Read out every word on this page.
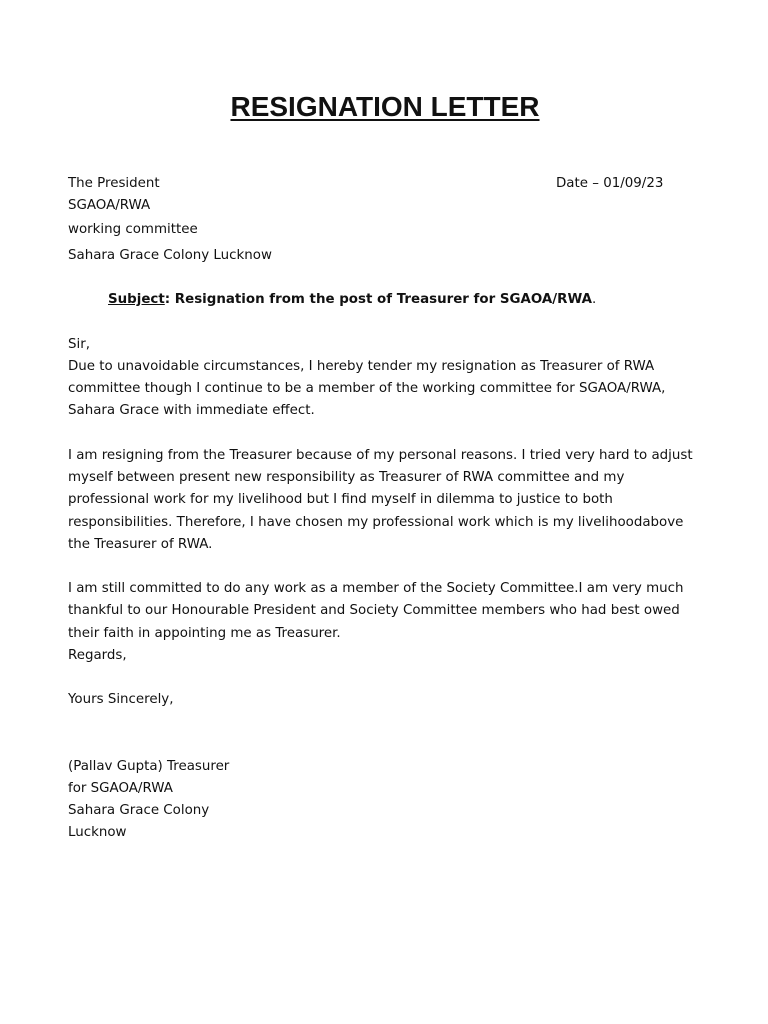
RESIGNATION LETTER
The President	Date – 01/09/23
SGAOA/RWA
working committee
Sahara Grace Colony Lucknow
Subject: Resignation from the post of Treasurer for SGAOA/RWA.
Sir,
Due to unavoidable circumstances, I hereby tender my resignation as Treasurer of RWA
committee though I continue to be a member of the working committee for SGAOA/RWA,
Sahara Grace with immediate effect.
I am resigning from the Treasurer because of my personal reasons. I tried very hard to adjust
myself between present new responsibility as Treasurer of RWA committee and my
professional work for my livelihood but I find myself in dilemma to justice to both
responsibilities. Therefore, I have chosen my professional work which is my livelihoodabove
the Treasurer of RWA.
I am still committed to do any work as a member of the Society Committee.I am very much
thankful to our Honourable President and Society Committee members who had best owed
their faith in appointing me as Treasurer.
Regards,
Yours Sincerely,
(Pallav Gupta) Treasurer
for SGAOA/RWA
Sahara Grace Colony
Lucknow
